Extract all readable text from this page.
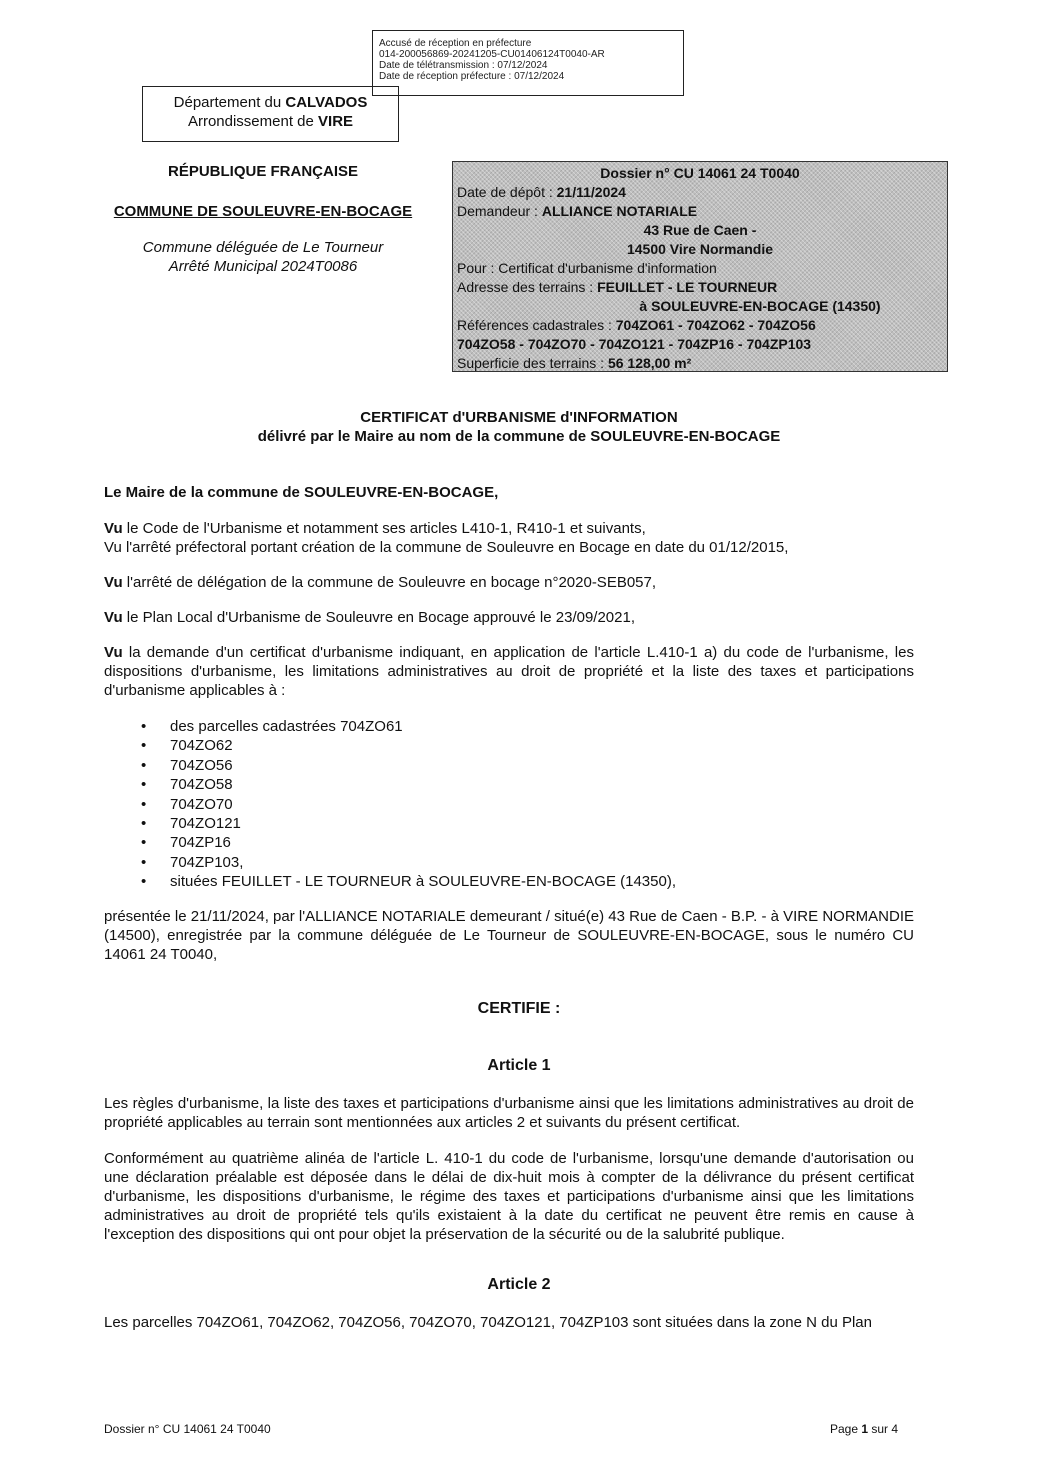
Accusé de réception en préfecture
014-200056869-20241205-CU01406124T0040-AR
Date de télétransmission : 07/12/2024
Date de réception préfecture : 07/12/2024
Département du CALVADOS
Arrondissement de VIRE
RÉPUBLIQUE FRANÇAISE
COMMUNE DE SOULEUVRE-EN-BOCAGE
Commune déléguée de Le Tourneur
Arrêté Municipal 2024T0086
Dossier n° CU 14061 24 T0040
Date de dépôt : 21/11/2024
Demandeur : ALLIANCE NOTARIALE
43 Rue de Caen -
14500 Vire Normandie
Pour : Certificat d'urbanisme d'information
Adresse des terrains : FEUILLET - LE TOURNEUR
à SOULEUVRE-EN-BOCAGE (14350)
Références cadastrales : 704ZO61 - 704ZO62 - 704ZO56
704ZO58 - 704ZO70 - 704ZO121 - 704ZP16 - 704ZP103
Superficie des terrains : 56 128,00 m²
CERTIFICAT d'URBANISME d'INFORMATION
délivré par le Maire au nom de la commune de SOULEUVRE-EN-BOCAGE
Le Maire de la commune de SOULEUVRE-EN-BOCAGE,
Vu le Code de l'Urbanisme et notamment ses articles L410-1, R410-1 et suivants,
Vu l'arrêté préfectoral portant création de la commune de Souleuvre en Bocage en date du 01/12/2015,
Vu l'arrêté de délégation de la commune de Souleuvre en bocage n°2020-SEB057,
Vu le Plan Local d'Urbanisme de Souleuvre en Bocage approuvé le 23/09/2021,
Vu la demande d'un certificat d'urbanisme indiquant, en application de l'article L.410-1 a) du code de l'urbanisme, les dispositions d'urbanisme, les limitations administratives au droit de propriété et la liste des taxes et participations d'urbanisme applicables à :
• des parcelles cadastrées 704ZO61
• 704ZO62
• 704ZO56
• 704ZO58
• 704ZO70
• 704ZO121
• 704ZP16
• 704ZP103,
• situées FEUILLET - LE TOURNEUR à SOULEUVRE-EN-BOCAGE (14350),
présentée le 21/11/2024, par l'ALLIANCE NOTARIALE demeurant / situé(e) 43 Rue de Caen - B.P. - à VIRE NORMANDIE (14500), enregistrée par la commune déléguée de Le Tourneur de SOULEUVRE-EN-BOCAGE, sous le numéro CU 14061 24 T0040,
CERTIFIE :
Article 1
Les règles d'urbanisme, la liste des taxes et participations d'urbanisme ainsi que les limitations administratives au droit de propriété applicables au terrain sont mentionnées aux articles 2 et suivants du présent certificat.
Conformément au quatrième alinéa de l'article L. 410-1 du code de l'urbanisme, lorsqu'une demande d'autorisation ou une déclaration préalable est déposée dans le délai de dix-huit mois à compter de la délivrance du présent certificat d'urbanisme, les dispositions d'urbanisme, le régime des taxes et participations d'urbanisme ainsi que les limitations administratives au droit de propriété tels qu'ils existaient à la date du certificat ne peuvent être remis en cause à l'exception des dispositions qui ont pour objet la préservation de la sécurité ou de la salubrité publique.
Article 2
Les parcelles 704ZO61, 704ZO62, 704ZO56, 704ZO70, 704ZO121, 704ZP103 sont situées dans la zone N du Plan
Dossier n° CU 14061 24 T0040	Page 1 sur 4
